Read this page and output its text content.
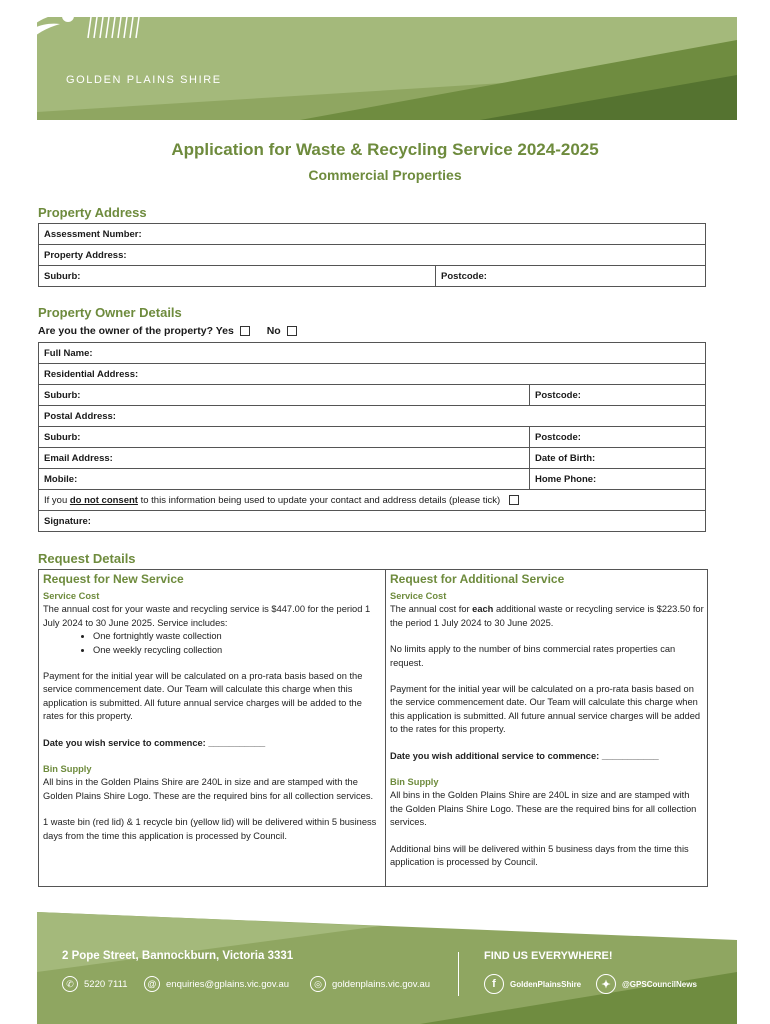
GOLDEN PLAINS SHIRE
Application for Waste & Recycling Service 2024-2025
Commercial Properties
Property Address
Assessment Number:
Property Address:
Suburb:	Postcode:
Property Owner Details
Are you the owner of the property? Yes	No
Full Name:	
Residential Address:	
Suburb:	Postcode:
Postal Address:	
Suburb:	Postcode:
Email Address:	Date of Birth:
Mobile:	Home Phone:
If you do not consent to this information being used to update your contact and address details (please tick)	
Signature:	
Request Details
Request for New Service
Service Cost

The annual cost for your waste and recycling service is $447.00 for the period 1 July 2024 to 30 June 2025. Service includes:

• One fortnightly waste collection
• One weekly recycling collection

Payment for the initial year will be calculated on a pro-rata basis based on the service commencement date. Our Team will calculate this charge when this application is submitted. All future annual service charges will be added to the rates for this property.

Date you wish service to commence: ___________

Bin Supply

All bins in the Golden Plains Shire are 240L in size and are stamped with the Golden Plains Shire Logo. These are the required bins for all collection services.

1 waste bin (red lid) & 1 recycle bin (yellow lid) will be delivered within 5 business days from the time this application is processed by Council.

Request for Additional Service
Service Cost

The annual cost for each additional waste or recycling service is $223.50 for the period 1 July 2024 to 30 June 2025.

No limits apply to the number of bins commercial rates properties can request.

Payment for the initial year will be calculated on a pro-rata basis based on the service commencement date. Our Team will calculate this charge when this application is submitted. All future annual service charges will be added to the rates for this property.

Date you wish additional service to commence: ___________

Bin Supply

All bins in the Golden Plains Shire are 240L in size and are stamped with the Golden Plains Shire Logo. These are the required bins for all collection services.

Additional bins will be delivered within 5 business days from the time this application is processed by Council.

2 Pope Street, Bannockburn, Victoria 3331	FIND US EVERYWHERE!
✆	5220 7111	@ enquiries@gplains.vic.gov.au	◎	goldenplains.vic.gov.au	f	GoldenPlainsShire	✦	@GPSCouncilNews
